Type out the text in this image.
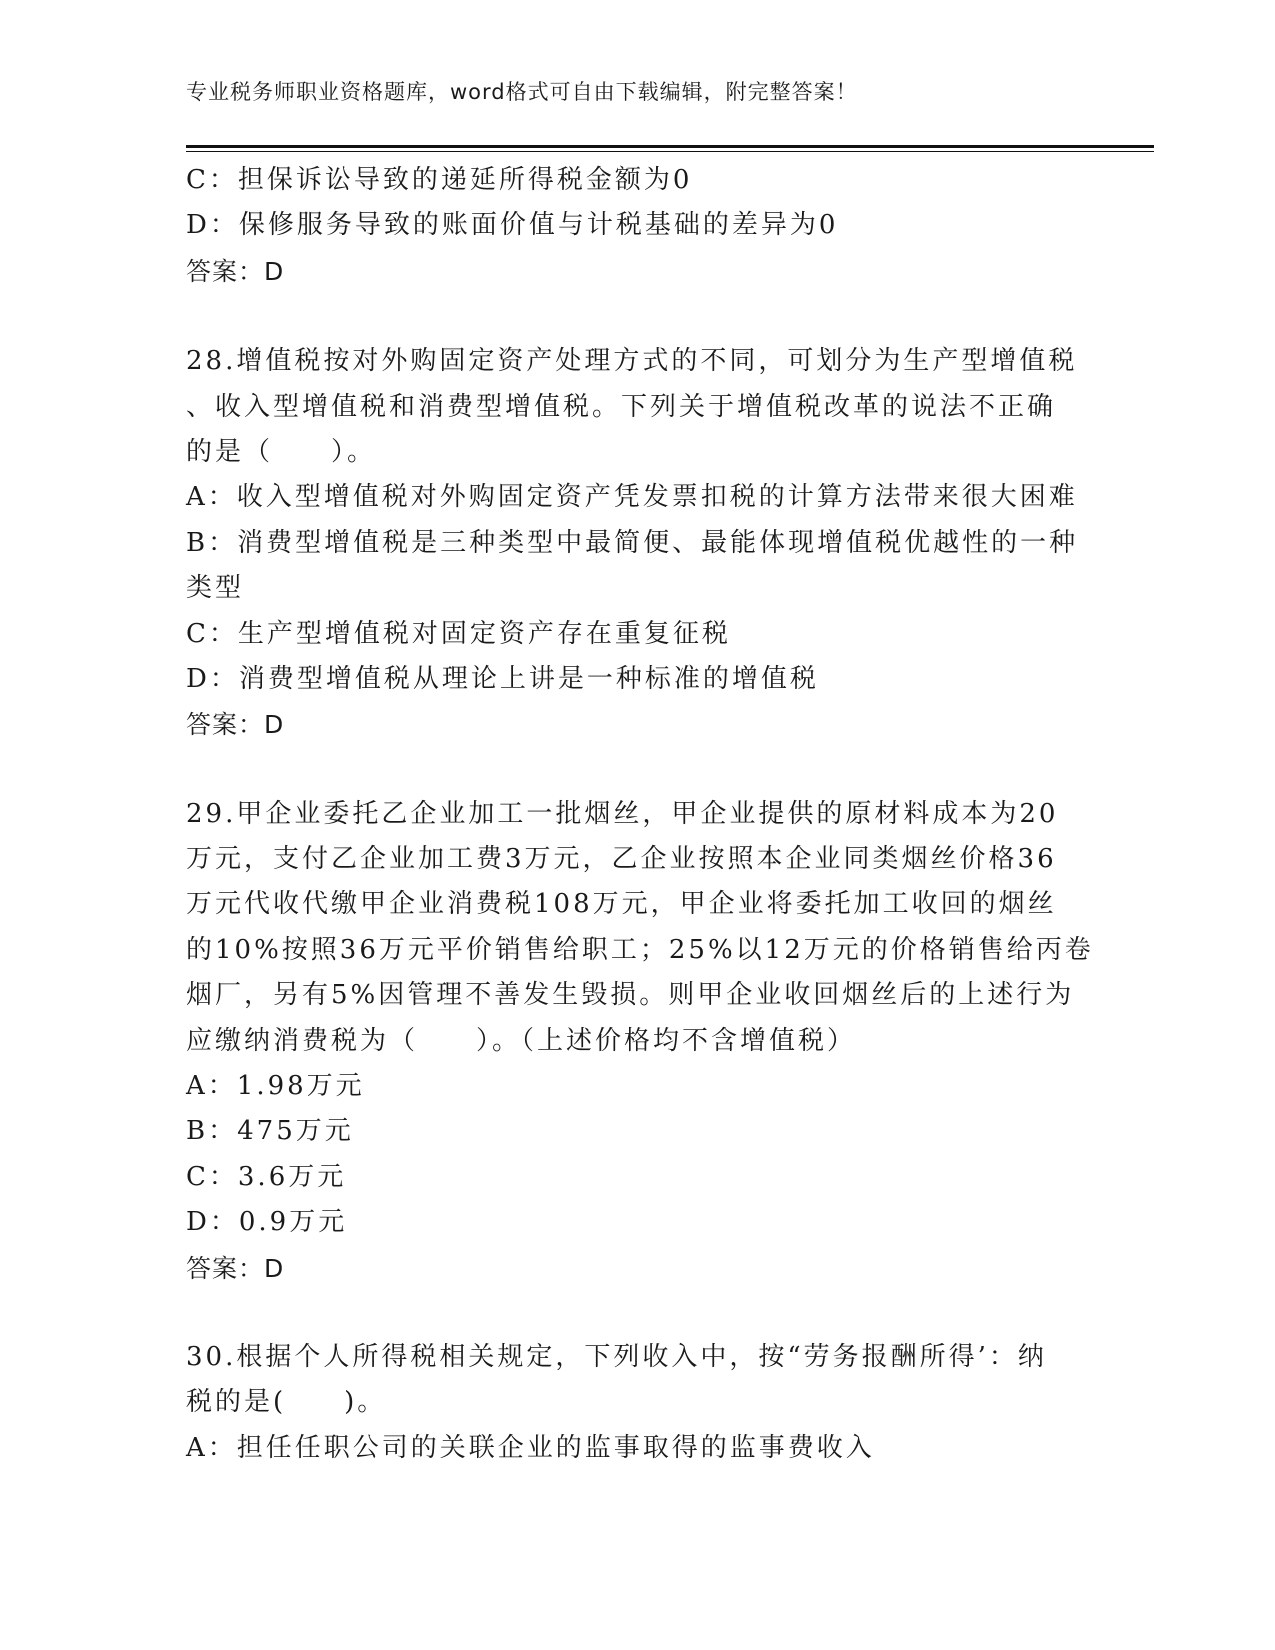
专业税务师职业资格题库，word格式可自由下载编辑，附完整答案！
C：担保诉讼导致的递延所得税金额为0
D：保修服务导致的账面价值与计税基础的差异为0
答案：D
28.增值税按对外购固定资产处理方式的不同，可划分为生产型增值税
、收入型增值税和消费型增值税。下列关于增值税改革的说法不正确
的是（　　）。
A：收入型增值税对外购固定资产凭发票扣税的计算方法带来很大困难
B：消费型增值税是三种类型中最简便、最能体现增值税优越性的一种
类型
C：生产型增值税对固定资产存在重复征税
D：消费型增值税从理论上讲是一种标准的增值税
答案：D
29.甲企业委托乙企业加工一批烟丝，甲企业提供的原材料成本为20
万元，支付乙企业加工费3万元，乙企业按照本企业同类烟丝价格36
万元代收代缴甲企业消费税108万元，甲企业将委托加工收回的烟丝
的10%按照36万元平价销售给职工；25%以12万元的价格销售给丙卷
烟厂，另有5%因管理不善发生毁损。则甲企业收回烟丝后的上述行为
应缴纳消费税为（　　）。（上述价格均不含增值税）
A：1.98万元
B：475万元
C：3.6万元
D：0.9万元
答案：D
30.根据个人所得税相关规定，下列收入中，按“劳务报酬所得’：纳
税的是(　　)。
A：担任任职公司的关联企业的监事取得的监事费收入
